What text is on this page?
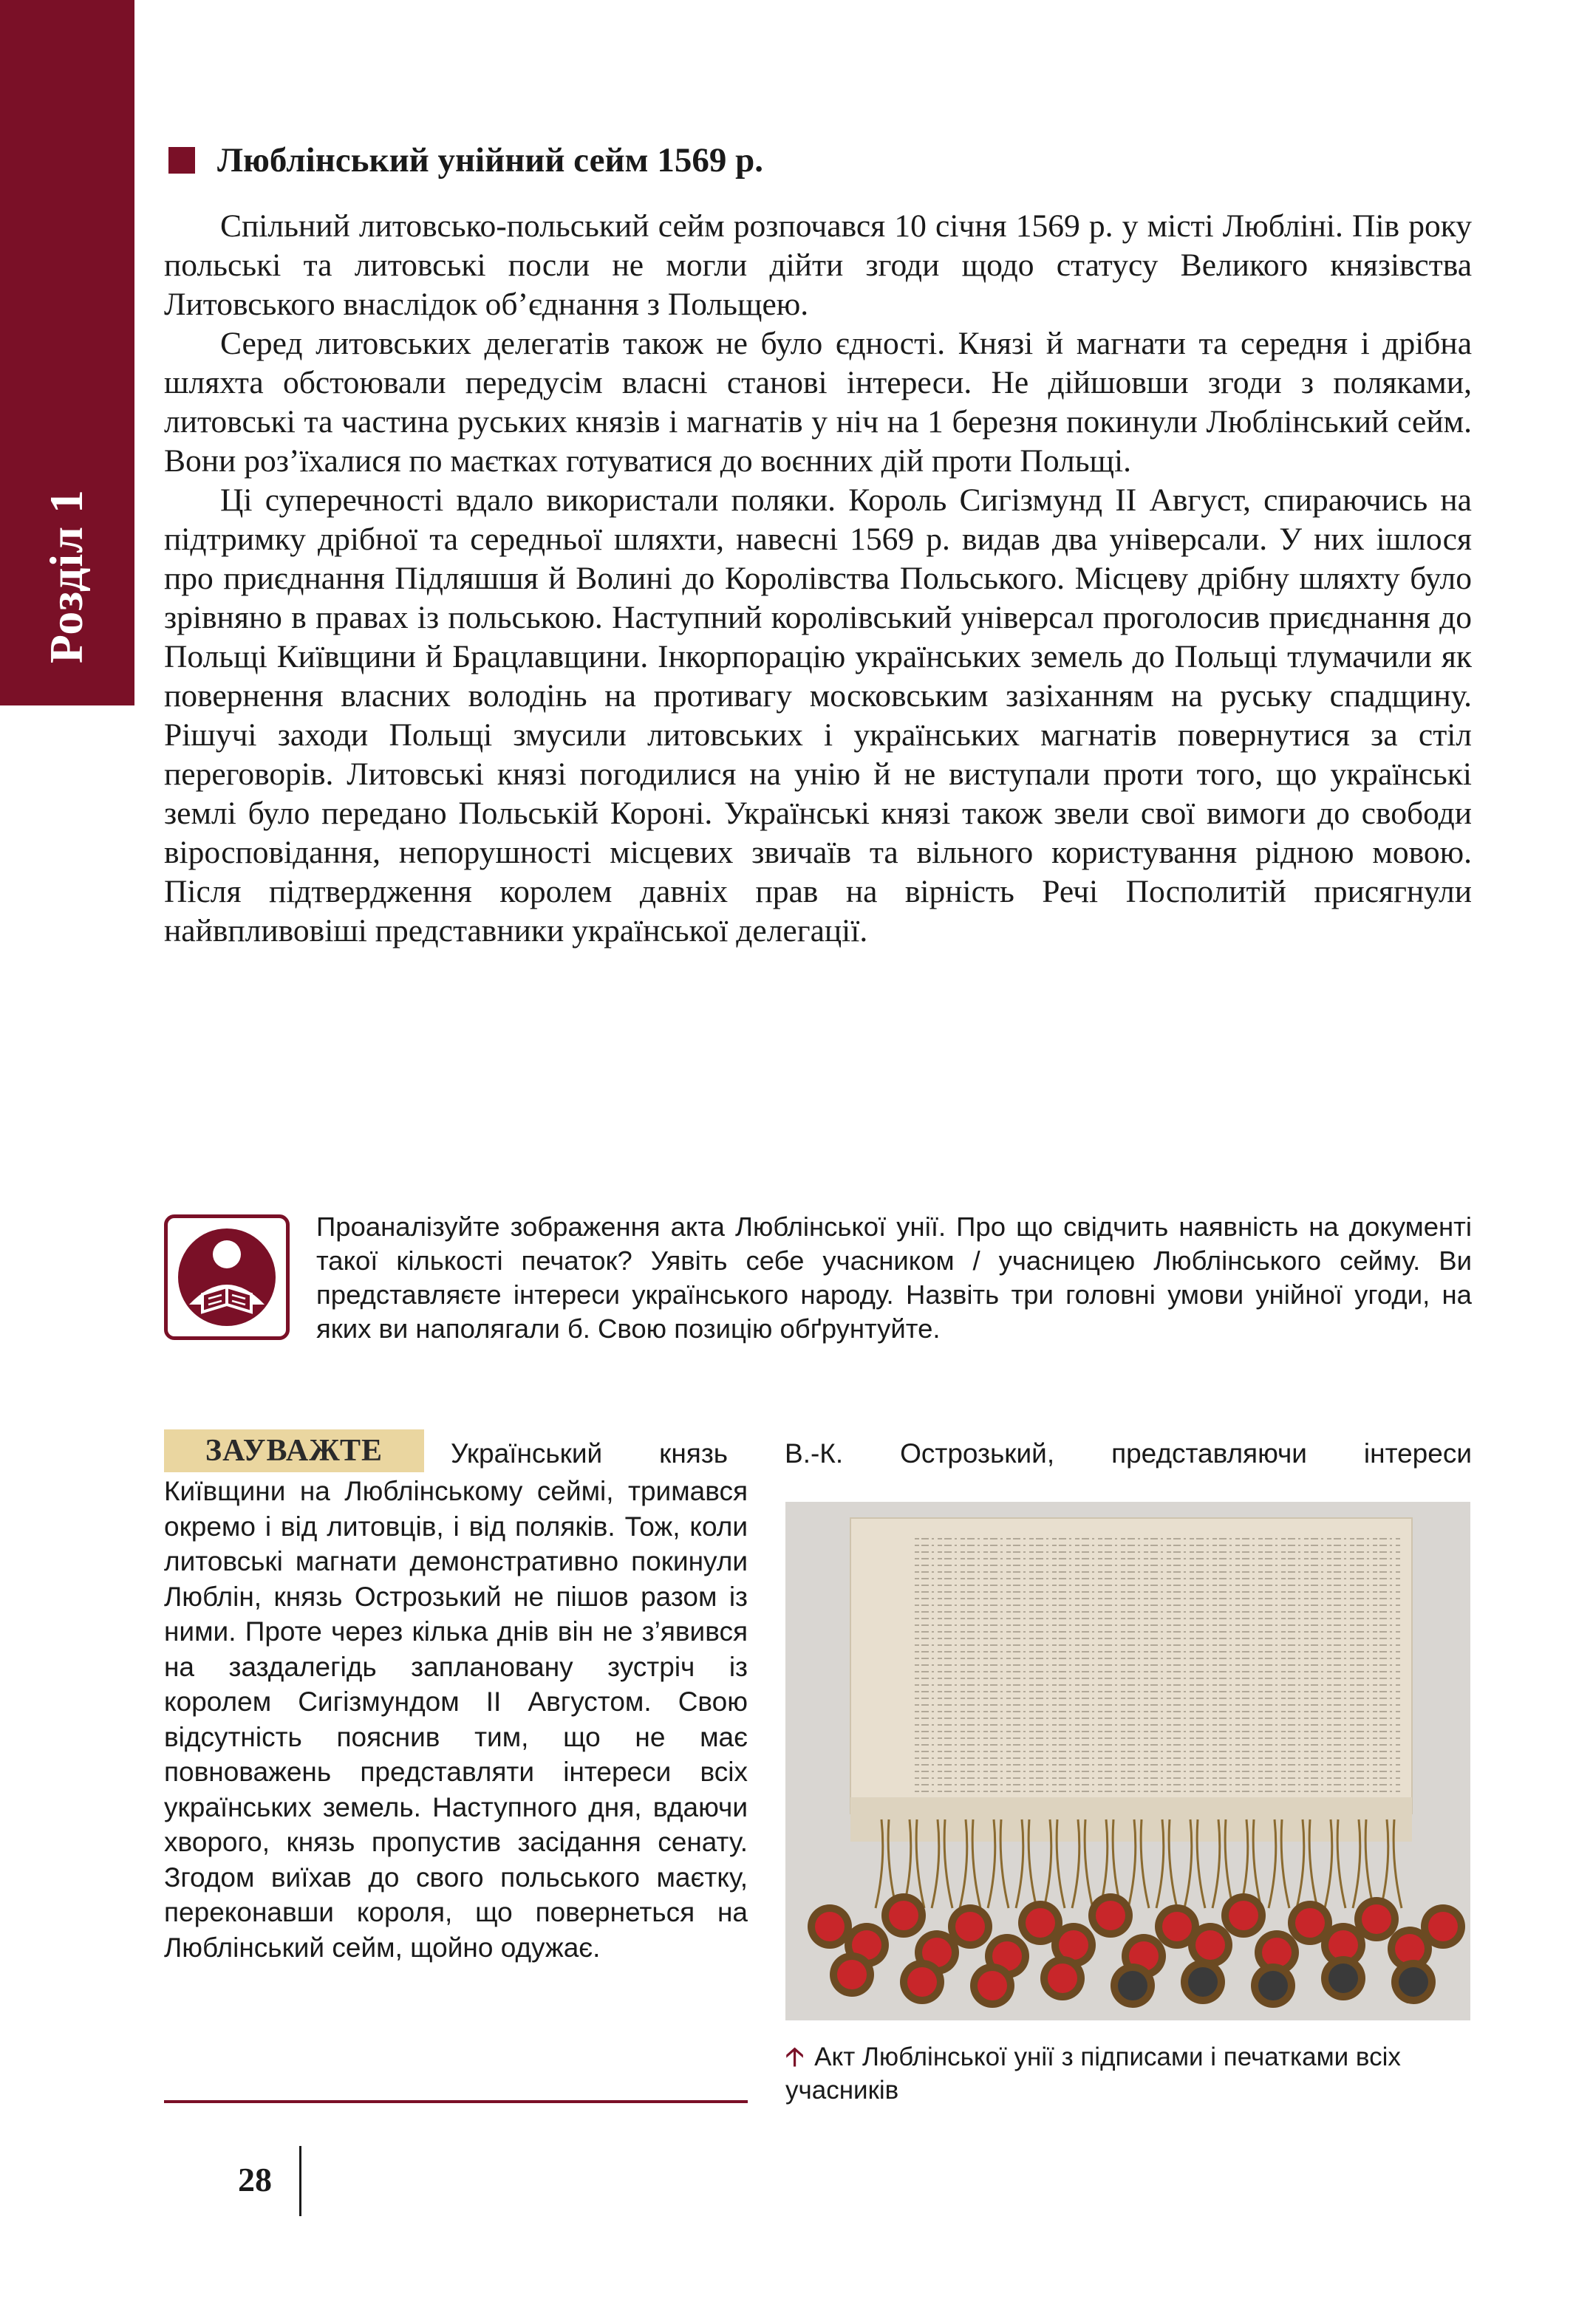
Розділ 1
Люблінський унійний сейм 1569 р.

Спільний литовсько-польський сейм розпочався 10 січня 1569 р. у місті Любліні. Пів року польські та литовські посли не могли дійти згоди щодо статусу Великого князівства Литовського внаслідок об’єднання з Польщею.

Серед литовських делегатів також не було єдності. Князі й магнати та середня і дрібна шляхта обстоювали передусім власні станові інтереси. Не дійшовши згоди з поляками, литовські та частина руських князів і магнатів у ніч на 1 березня покинули Люблінський сейм. Вони роз’їхалися по маєтках готуватися до воєнних дій проти Польщі.

Ці суперечності вдало використали поляки. Король Сигізмунд II Август, спираючись на підтримку дрібної та середньої шляхти, навесні 1569 р. видав два універсали. У них ішлося про приєднання Підляшшя й Волині до Королівства Польського. Місцеву дрібну шляхту було зрівняно в правах із польською. Наступний королівський універсал проголосив приєднання до Польщі Київщини й Брацлавщини. Інкорпорацію українських земель до Польщі тлумачили як повернення власних володінь на противагу московським зазіханням на руську спадщину. Рішучі заходи Польщі змусили литовських і українських магнатів повернутися за стіл переговорів. Литовські князі погодилися на унію й не виступали проти того, що українські землі було передано Польській Короні. Українські князі також звели свої вимоги до свободи віросповідання, непорушності місцевих звичаїв та вільного користування рідною мовою. Після підтвердження королем давніх прав на вірність Речі Посполитій присягнули найвпливовіші представники української делегації.

Проаналізуйте зображення акта Люблінської унії. Про що свідчить наявність на документі такої кількості печаток? Уявіть себе учасником / учасницею Люблінського сейму. Ви представляєте інтереси українського народу. Назвіть три головні умови унійної угоди, на яких ви наполягали б. Свою позицію обґрунтуйте.
ЗАУВАЖТЕ	Український князь В.-К. Острозький, представляючи інтереси
Київщини на Люблінському сеймі, тримався окремо і від литовців, і від поляків. Тож, коли литовські магнати демонстративно покинули Люблін, князь Острозький не пішов разом із ними. Проте через кілька днів він не з’явився на заздалегідь заплановану зустріч із королем Сигізмундом II Августом. Свою відсутність пояснив тим, що не має повноважень представляти інтереси всіх українських земель. Наступного дня, вдаючи хворого, князь пропустив засідання сенату. Згодом виїхав до свого польського маєтку, переконавши короля, що повернеться на Люблінський сейм, щойно одужає.
🡡 Акт Люблінської унії з підписами і печатками всіх учасників
28
